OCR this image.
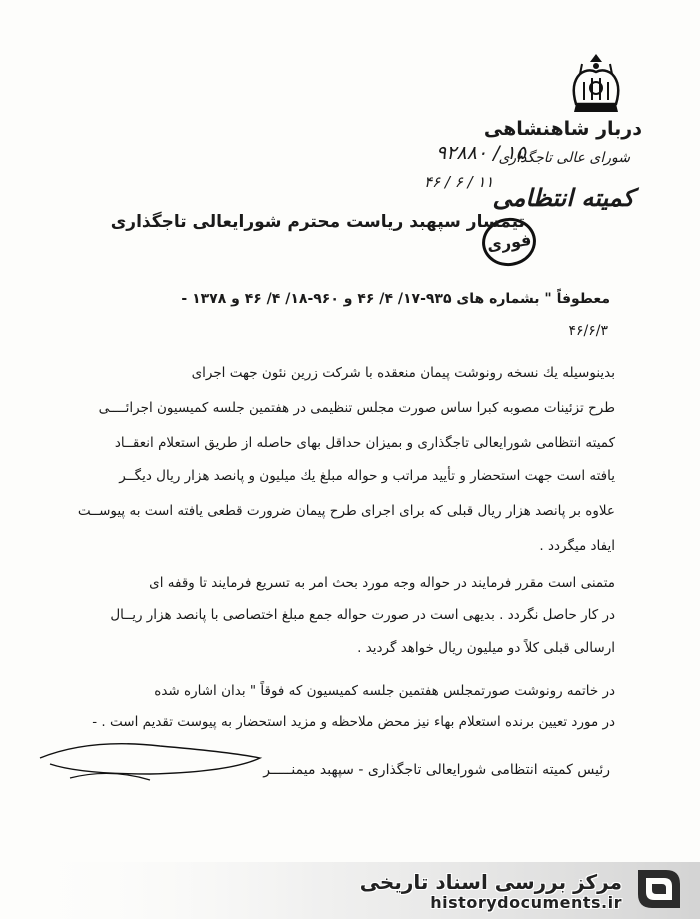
دربار شاهنشاهی
شورای عالی تاجگذاری
کمیته انتظامی
۹۲۸۸۰ / ۱۵
۴۶ / ۶ / ۱۱
فوری
تیمسار سپهبد ریاست محترم شورایعالی تاجگذاری
معطوفاً " بشماره های ۹۳۵-۱۷/ ۴/ ۴۶ و ۹۶۰-۱۸/ ۴/ ۴۶ و ۱۳۷۸ -
۴۶/۶/۳
بدینوسیله یك نسخه رونوشت پیمان منعقده با شرکت زرین نئون جهت اجرای
طرح تزئینات مصوبه کبرا ساس صورت مجلس تنظیمی در هفتمین جلسه کمیسیون اجرائــــی
کمیته انتظامی شورایعالی تاجگذاری و بمیزان حداقل بهای حاصله از طریق استعلام انعقــاد
یافته است جهت استحضار و تأیید مراتب و حواله مبلغ یك میلیون و پانصد هزار ریال دیگــر
علاوه بر پانصد هزار ریال قبلی که برای اجرای طرح پیمان ضرورت قطعی یافته است به پیوســت
ایفاد میگردد .
متمنی است مقرر فرمایند در حواله وجه مورد بحث امر به تسریع فرمایند تا وقفه ای
در کار حاصل نگردد . بدیهی است در صورت حواله جمع مبلغ اختصاصی با پانصد هزار ریــال
ارسالی قبلی کلاً دو میلیون ریال خواهد گردید .
در خاتمه رونوشت صورتمجلس هفتمین جلسه کمیسیون که فوقاً " بدان اشاره شده
در مورد تعیین برنده استعلام بهاء نیز محض ملاحظه و مزید استحضار به پیوست تقدیم است . -
رئیس کمیته انتظامی شورایعالی تاجگذاری - سپهبد میمنـــــر
مرکز بررسی اسناد تاریخی
historydocuments.ir
